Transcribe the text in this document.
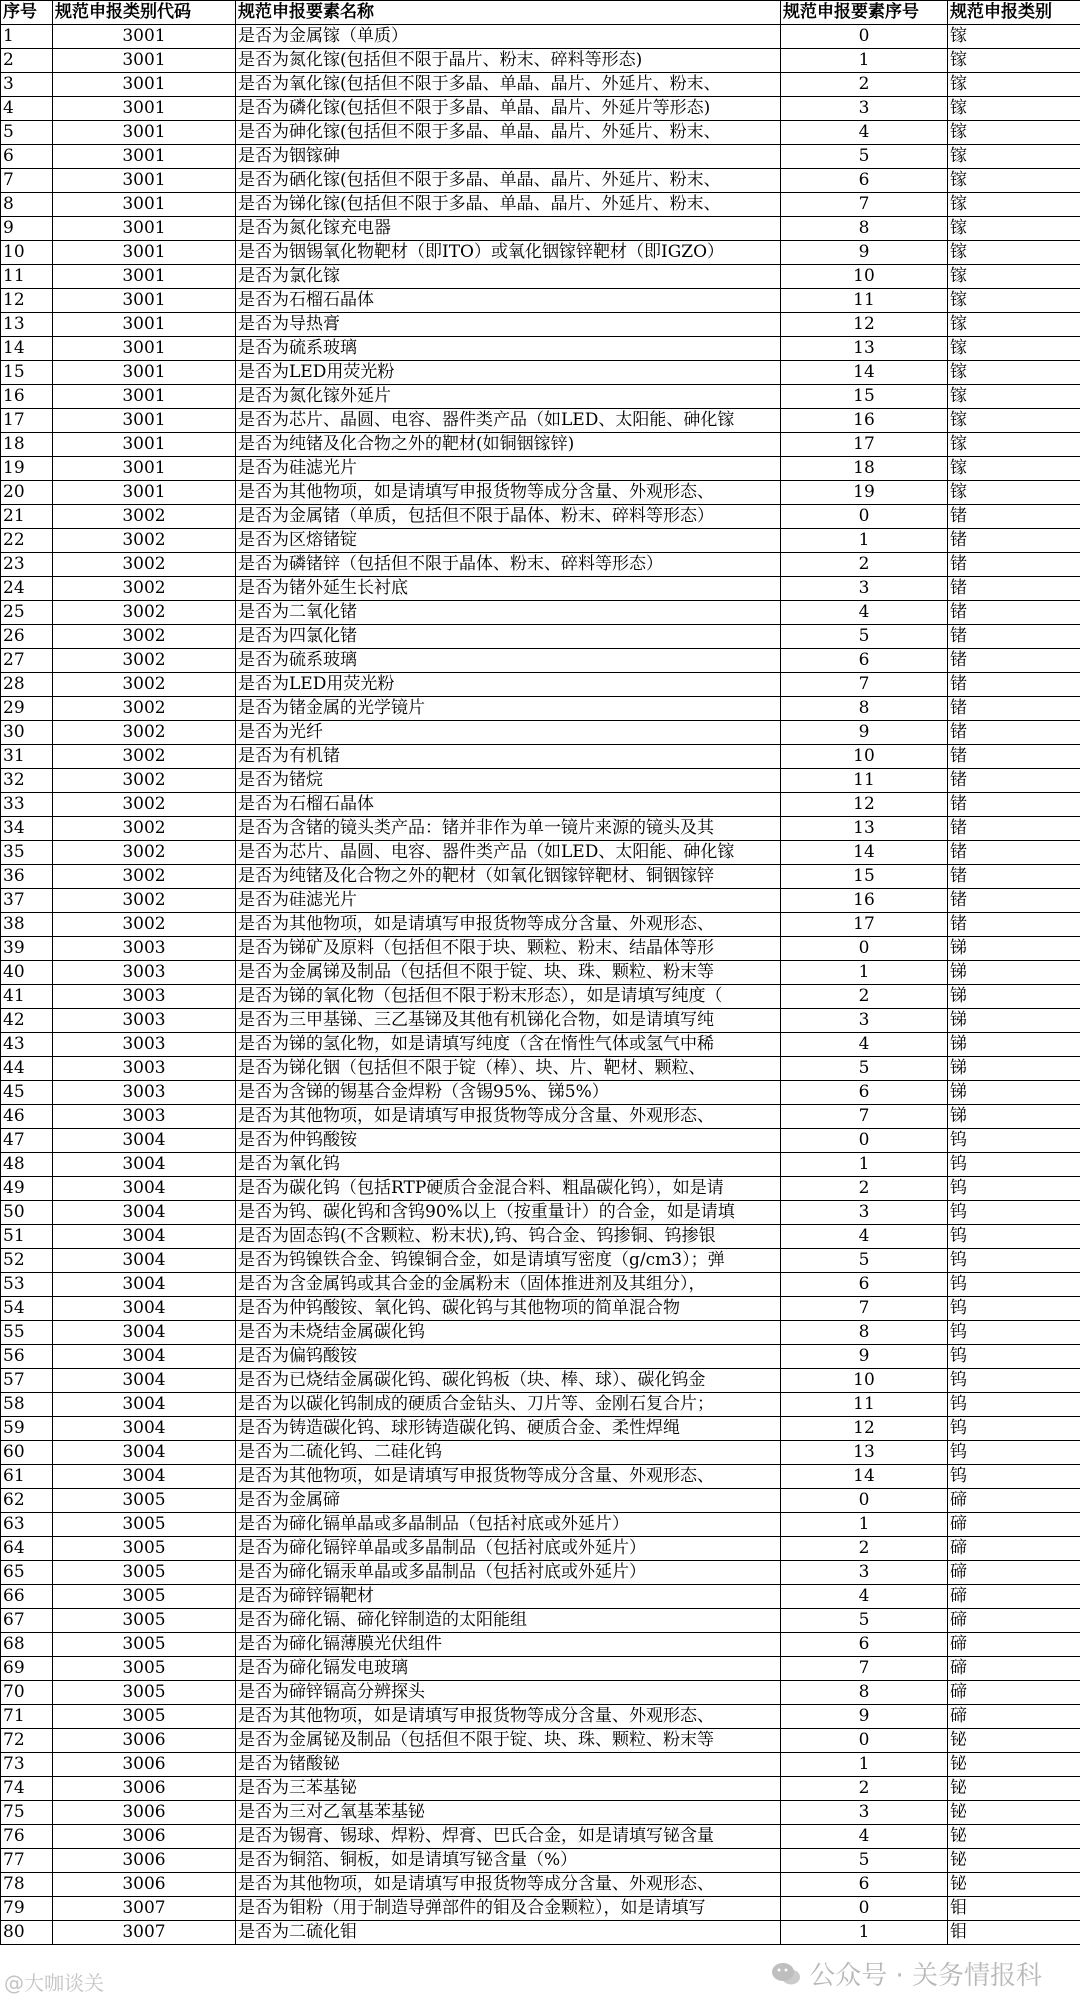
序号	规范申报类别代码	规范申报要素名称	规范申报要素序号	规范申报类别
1	3001	是否为金属镓（单质）	0	镓
2	3001	是否为氮化镓(包括但不限于晶片、粉末、碎料等形态)	1	镓
3	3001	是否为氧化镓(包括但不限于多晶、单晶、晶片、外延片、粉末、	2	镓
4	3001	是否为磷化镓(包括但不限于多晶、单晶、晶片、外延片等形态)	3	镓
5	3001	是否为砷化镓(包括但不限于多晶、单晶、晶片、外延片、粉末、	4	镓
6	3001	是否为铟镓砷	5	镓
7	3001	是否为硒化镓(包括但不限于多晶、单晶、晶片、外延片、粉末、	6	镓
8	3001	是否为锑化镓(包括但不限于多晶、单晶、晶片、外延片、粉末、	7	镓
9	3001	是否为氮化镓充电器	8	镓
10	3001	是否为铟锡氧化物靶材（即ITO）或氧化铟镓锌靶材（即IGZO）	9	镓
11	3001	是否为氯化镓	10	镓
12	3001	是否为石榴石晶体	11	镓
13	3001	是否为导热膏	12	镓
14	3001	是否为硫系玻璃	13	镓
15	3001	是否为LED用荧光粉	14	镓
16	3001	是否为氮化镓外延片	15	镓
17	3001	是否为芯片、晶圆、电容、器件类产品（如LED、太阳能、砷化镓	16	镓
18	3001	是否为纯锗及化合物之外的靶材(如铜铟镓锌)	17	镓
19	3001	是否为硅滤光片	18	镓
20	3001	是否为其他物项，如是请填写申报货物等成分含量、外观形态、	19	镓
21	3002	是否为金属锗（单质，包括但不限于晶体、粉末、碎料等形态）	0	锗
22	3002	是否为区熔锗锭	1	锗
23	3002	是否为磷锗锌（包括但不限于晶体、粉末、碎料等形态）	2	锗
24	3002	是否为锗外延生长衬底	3	锗
25	3002	是否为二氧化锗	4	锗
26	3002	是否为四氯化锗	5	锗
27	3002	是否为硫系玻璃	6	锗
28	3002	是否为LED用荧光粉	7	锗
29	3002	是否为锗金属的光学镜片	8	锗
30	3002	是否为光纤	9	锗
31	3002	是否为有机锗	10	锗
32	3002	是否为锗烷	11	锗
33	3002	是否为石榴石晶体	12	锗
34	3002	是否为含锗的镜头类产品：锗并非作为单一镜片来源的镜头及其	13	锗
35	3002	是否为芯片、晶圆、电容、器件类产品（如LED、太阳能、砷化镓	14	锗
36	3002	是否为纯锗及化合物之外的靶材（如氧化铟镓锌靶材、铜铟镓锌	15	锗
37	3002	是否为硅滤光片	16	锗
38	3002	是否为其他物项，如是请填写申报货物等成分含量、外观形态、	17	锗
39	3003	是否为锑矿及原料（包括但不限于块、颗粒、粉末、结晶体等形	0	锑
40	3003	是否为金属锑及制品（包括但不限于锭、块、珠、颗粒、粉末等	1	锑
41	3003	是否为锑的氧化物（包括但不限于粉末形态），如是请填写纯度（	2	锑
42	3003	是否为三甲基锑、三乙基锑及其他有机锑化合物，如是请填写纯	3	锑
43	3003	是否为锑的氢化物，如是请填写纯度（含在惰性气体或氢气中稀	4	锑
44	3003	是否为锑化铟（包括但不限于锭（棒）、块、片、靶材、颗粒、	5	锑
45	3003	是否为含锑的锡基合金焊粉（含锡95%、锑5%）	6	锑
46	3003	是否为其他物项，如是请填写申报货物等成分含量、外观形态、	7	锑
47	3004	是否为仲钨酸铵	0	钨
48	3004	是否为氧化钨	1	钨
49	3004	是否为碳化钨（包括RTP硬质合金混合料、粗晶碳化钨），如是请	2	钨
50	3004	是否为钨、碳化钨和含钨90%以上（按重量计）的合金，如是请填	3	钨
51	3004	是否为固态钨(不含颗粒、粉末状),钨、钨合金、钨掺铜、钨掺银	4	钨
52	3004	是否为钨镍铁合金、钨镍铜合金，如是请填写密度（g/cm3）；弹	5	钨
53	3004	是否为含金属钨或其合金的金属粉末（固体推进剂及其组分），	6	钨
54	3004	是否为仲钨酸铵、氧化钨、碳化钨与其他物项的简单混合物	7	钨
55	3004	是否为未烧结金属碳化钨	8	钨
56	3004	是否为偏钨酸铵	9	钨
57	3004	是否为已烧结金属碳化钨、碳化钨板（块、棒、球）、碳化钨金	10	钨
58	3004	是否为以碳化钨制成的硬质合金钻头、刀片等、金刚石复合片；	11	钨
59	3004	是否为铸造碳化钨、球形铸造碳化钨、硬质合金、柔性焊绳	12	钨
60	3004	是否为二硫化钨、二硅化钨	13	钨
61	3004	是否为其他物项，如是请填写申报货物等成分含量、外观形态、	14	钨
62	3005	是否为金属碲	0	碲
63	3005	是否为碲化镉单晶或多晶制品（包括衬底或外延片）	1	碲
64	3005	是否为碲化镉锌单晶或多晶制品（包括衬底或外延片）	2	碲
65	3005	是否为碲化镉汞单晶或多晶制品（包括衬底或外延片）	3	碲
66	3005	是否为碲锌镉靶材	4	碲
67	3005	是否为碲化镉、碲化锌制造的太阳能组	5	碲
68	3005	是否为碲化镉薄膜光伏组件	6	碲
69	3005	是否为碲化镉发电玻璃	7	碲
70	3005	是否为碲锌镉高分辨探头	8	碲
71	3005	是否为其他物项，如是请填写申报货物等成分含量、外观形态、	9	碲
72	3006	是否为金属铋及制品（包括但不限于锭、块、珠、颗粒、粉末等	0	铋
73	3006	是否为锗酸铋	1	铋
74	3006	是否为三苯基铋	2	铋
75	3006	是否为三对乙氧基苯基铋	3	铋
76	3006	是否为锡膏、锡球、焊粉、焊膏、巴氏合金，如是请填写铋含量	4	铋
77	3006	是否为铜箔、铜板，如是请填写铋含量（%）	5	铋
78	3006	是否为其他物项，如是请填写申报货物等成分含量、外观形态、	6	铋
79	3007	是否为钼粉（用于制造导弹部件的钼及合金颗粒），如是请填写	0	钼
80	3007	是否为二硫化钼	1	钼
@大咖谈关	公众号 · 关务情报科
